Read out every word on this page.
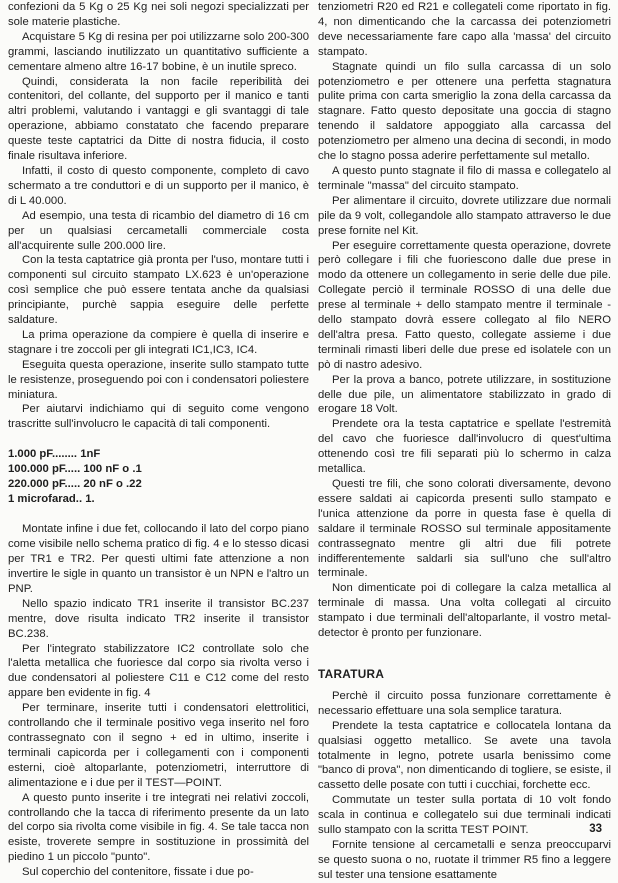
confezioni da 5 Kg o 25 Kg nei soli negozi specializzati per sole materie plastiche.

Acquistare 5 Kg di resina per poi utilizzarne solo 200-300 grammi, lasciando inutilizzato un quantitativo sufficiente a cementare almeno altre 16-17 bobine, è un inutile spreco.

Quindi, considerata la non facile reperibilità dei contenitori, del collante, del supporto per il manico e tanti altri problemi, valutando i vantaggi e gli svantaggi di tale operazione, abbiamo constatato che facendo preparare queste teste captatrici da Ditte di nostra fiducia, il costo finale risultava inferiore.

Infatti, il costo di questo componente, completo di cavo schermato a tre conduttori e di un supporto per il manico, è di L 40.000.

Ad esempio, una testa di ricambio del diametro di 16 cm per un qualsiasi cercametalli commerciale costa all'acquirente sulle 200.000 lire.

Con la testa captatrice già pronta per l'uso, montare tutti i componenti sul circuito stampato LX.623 è un'operazione così semplice che può essere tentata anche da qualsiasi principiante, purchè sappia eseguire delle perfette saldature.

La prima operazione da compiere è quella di inserire e stagnare i tre zoccoli per gli integrati IC1,IC3, IC4.

Eseguita questa operazione, inserite sullo stampato tutte le resistenze, proseguendo poi con i condensatori poliestere miniatura.

Per aiutarvi indichiamo qui di seguito come vengono trascritte sull'involucro le capacità di tali componenti.

1.000 pF........ 1nF
100.000 pF..... 100 nF o .1
220.000 pF..... 20 nF o .22
1 microfarad.. 1.

Montate infine i due fet, collocando il lato del corpo piano come visibile nello schema pratico di fig. 4 e lo stesso dicasi per TR1 e TR2. Per questi ultimi fate attenzione a non invertire le sigle in quanto un transistor è un NPN e l'altro un PNP.

Nello spazio indicato TR1 inserite il transistor BC.237 mentre, dove risulta indicato TR2 inserite il transistor BC.238.

Per l'integrato stabilizzatore IC2 controllate solo che l'aletta metallica che fuoriesce dal corpo sia rivolta verso i due condensatori al poliestere C11 e C12 come del resto appare ben evidente in fig. 4

Per terminare, inserite tutti i condensatori elettrolitici, controllando che il terminale positivo vega inserito nel foro contrassegnato con il segno + ed in ultimo, inserite i terminali capicorda per i collegamenti con i componenti esterni, cioè altoparlante, potenziometri, interruttore di alimentazione e i due per il TEST—POINT.

A questo punto inserite i tre integrati nei relativi zoccoli, controllando che la tacca di riferimento presente da un lato del corpo sia rivolta come visibile in fig. 4. Se tale tacca non esiste, troverete sempre in sostituzione in prossimità del piedino 1 un piccolo "punto".

Sul coperchio del contenitore, fissate i due po-

tenziometri R20 ed R21 e collegateli come riportato in fig. 4, non dimenticando che la carcassa dei potenziometri deve necessariamente fare capo alla 'massa' del circuito stampato.

Stagnate quindi un filo sulla carcassa di un solo potenziometro e per ottenere una perfetta stagnatura pulite prima con carta smeriglio la zona della carcassa da stagnare. Fatto questo depositate una goccia di stagno tenendo il saldatore appoggiato alla carcassa del potenziometro per almeno una decina di secondi, in modo che lo stagno possa aderire perfettamente sul metallo.

A questo punto stagnate il filo di massa e collegatelo al terminale "massa" del circuito stampato.

Per alimentare il circuito, dovrete utilizzare due normali pile da 9 volt, collegandole allo stampato attraverso le due prese fornite nel Kit.

Per eseguire correttamente questa operazione, dovrete però collegare i fili che fuoriescono dalle due prese in modo da ottenere un collegamento in serie delle due pile. Collegate perciò il terminale ROSSO di una delle due prese al terminale + dello stampato mentre il terminale - dello stampato dovrà essere collegato al filo NERO dell'altra presa. Fatto questo, collegate assieme i due terminali rimasti liberi delle due prese ed isolatele con un pò di nastro adesivo.

Per la prova a banco, potrete utilizzare, in sostituzione delle due pile, un alimentatore stabilizzato in grado di erogare 18 Volt.

Prendete ora la testa captatrice e spellate l'estremità del cavo che fuoriesce dall'involucro di quest'ultima ottenendo così tre fili separati più lo schermo in calza metallica.

Questi tre fili, che sono colorati diversamente, devono essere saldati ai capicorda presenti sullo stampato e l'unica attenzione da porre in questa fase è quella di saldare il terminale ROSSO sul terminale appositamente contrassegnato mentre gli altri due fili potrete indifferentemente saldarli sia sull'uno che sull'altro terminale.

Non dimenticate poi di collegare la calza metallica al terminale di massa. Una volta collegati al circuito stampato i due terminali dell'altoparlante, il vostro metal-detector è pronto per funzionare.

TARATURA

Perchè il circuito possa funzionare correttamente è necessario effettuare una sola semplice taratura.

Prendete la testa captatrice e collocatela lontana da qualsiasi oggetto metallico. Se avete una tavola totalmente in legno, potrete usarla benissimo come "banco di prova", non dimenticando di togliere, se esiste, il cassetto delle posate con tutti i cucchiai, forchette ecc.

Commutate un tester sulla portata di 10 volt fondo scala in continua e collegatelo sui due terminali indicati sullo stampato con la scritta TEST POINT.

Fornite tensione al cercametalli e senza preoccuparvi se questo suona o no, ruotate il trimmer R5 fino a leggere sul tester una tensione esattamente

33
